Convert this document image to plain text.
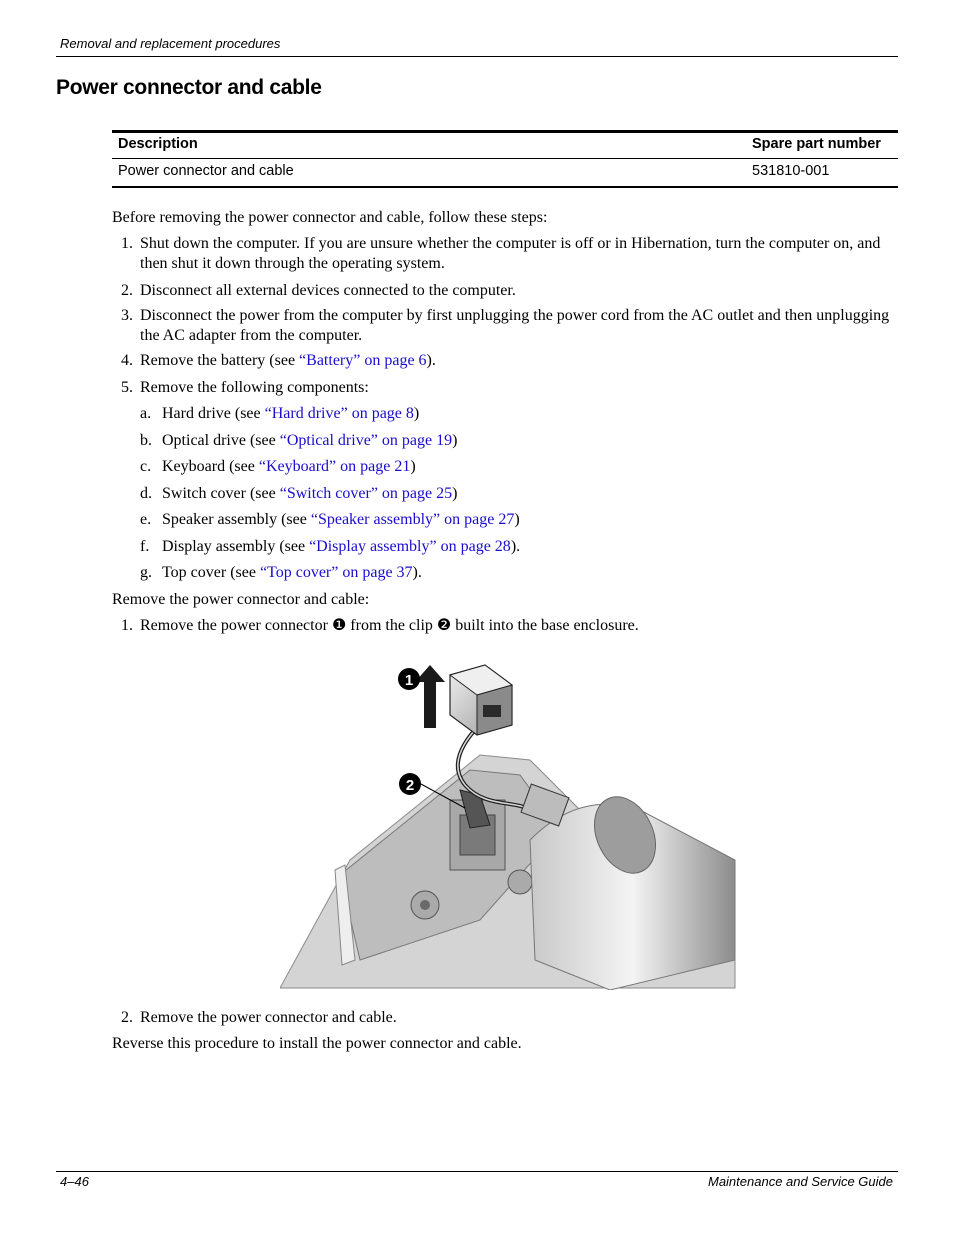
Removal and replacement procedures
Power connector and cable
Description	Spare part number
Power connector and cable	531810-001
Before removing the power connector and cable, follow these steps:
1. Shut down the computer. If you are unsure whether the computer is off or in Hibernation, turn the computer on, and then shut it down through the operating system.
2. Disconnect all external devices connected to the computer.
3. Disconnect the power from the computer by first unplugging the power cord from the AC outlet and then unplugging the AC adapter from the computer.
4. Remove the battery (see “Battery” on page 6).
5. Remove the following components:
a. Hard drive (see “Hard drive” on page 8)
b. Optical drive (see “Optical drive” on page 19)
c. Keyboard (see “Keyboard” on page 21)
d. Switch cover (see “Switch cover” on page 25)
e. Speaker assembly (see “Speaker assembly” on page 27)
f. Display assembly (see “Display assembly” on page 28).
g. Top cover (see “Top cover” on page 37).
Remove the power connector and cable:
1. Remove the power connector ❶ from the clip ❷ built into the base enclosure.
1
2
2. Remove the power connector and cable.
Reverse this procedure to install the power connector and cable.
4–46	Maintenance and Service Guide
